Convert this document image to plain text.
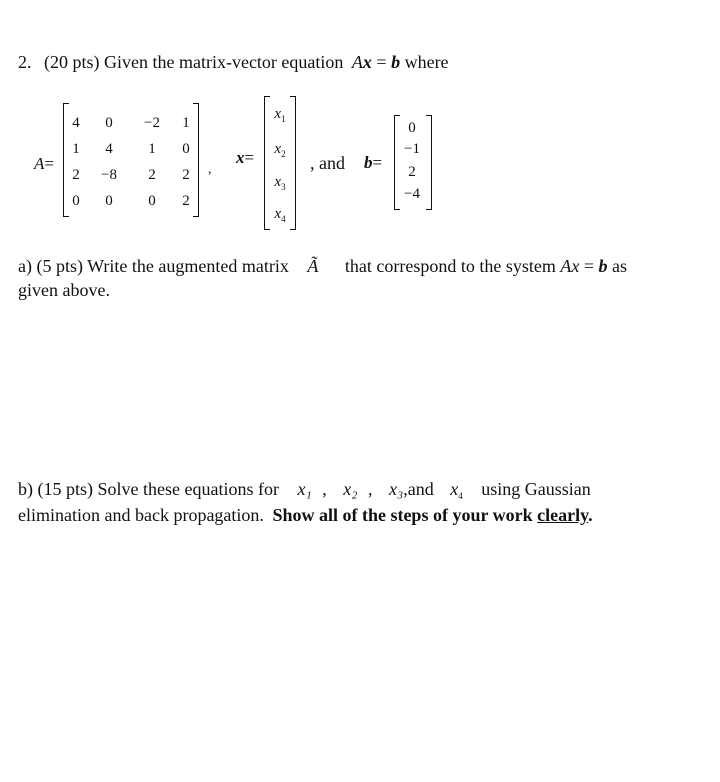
2. (20 pts) Given the matrix-vector equation Ax = b where
A=
4	0	−2	1
1	4	1	0
2	−8	2	2
0	0	0	2
,
x=
$x_1$
$x_2$
$x_3$
$x_4$
, and b=
0
−1
2
−4
a) (5 pts) Write the augmented matrix Ã that correspond to the system Ax = b as
given above.
b) (15 pts) Solve these equations for x₁ , x₂ , x₃,and $x_4$ using Gaussian
elimination and back propagation. Show all of the steps of your work clearly.
